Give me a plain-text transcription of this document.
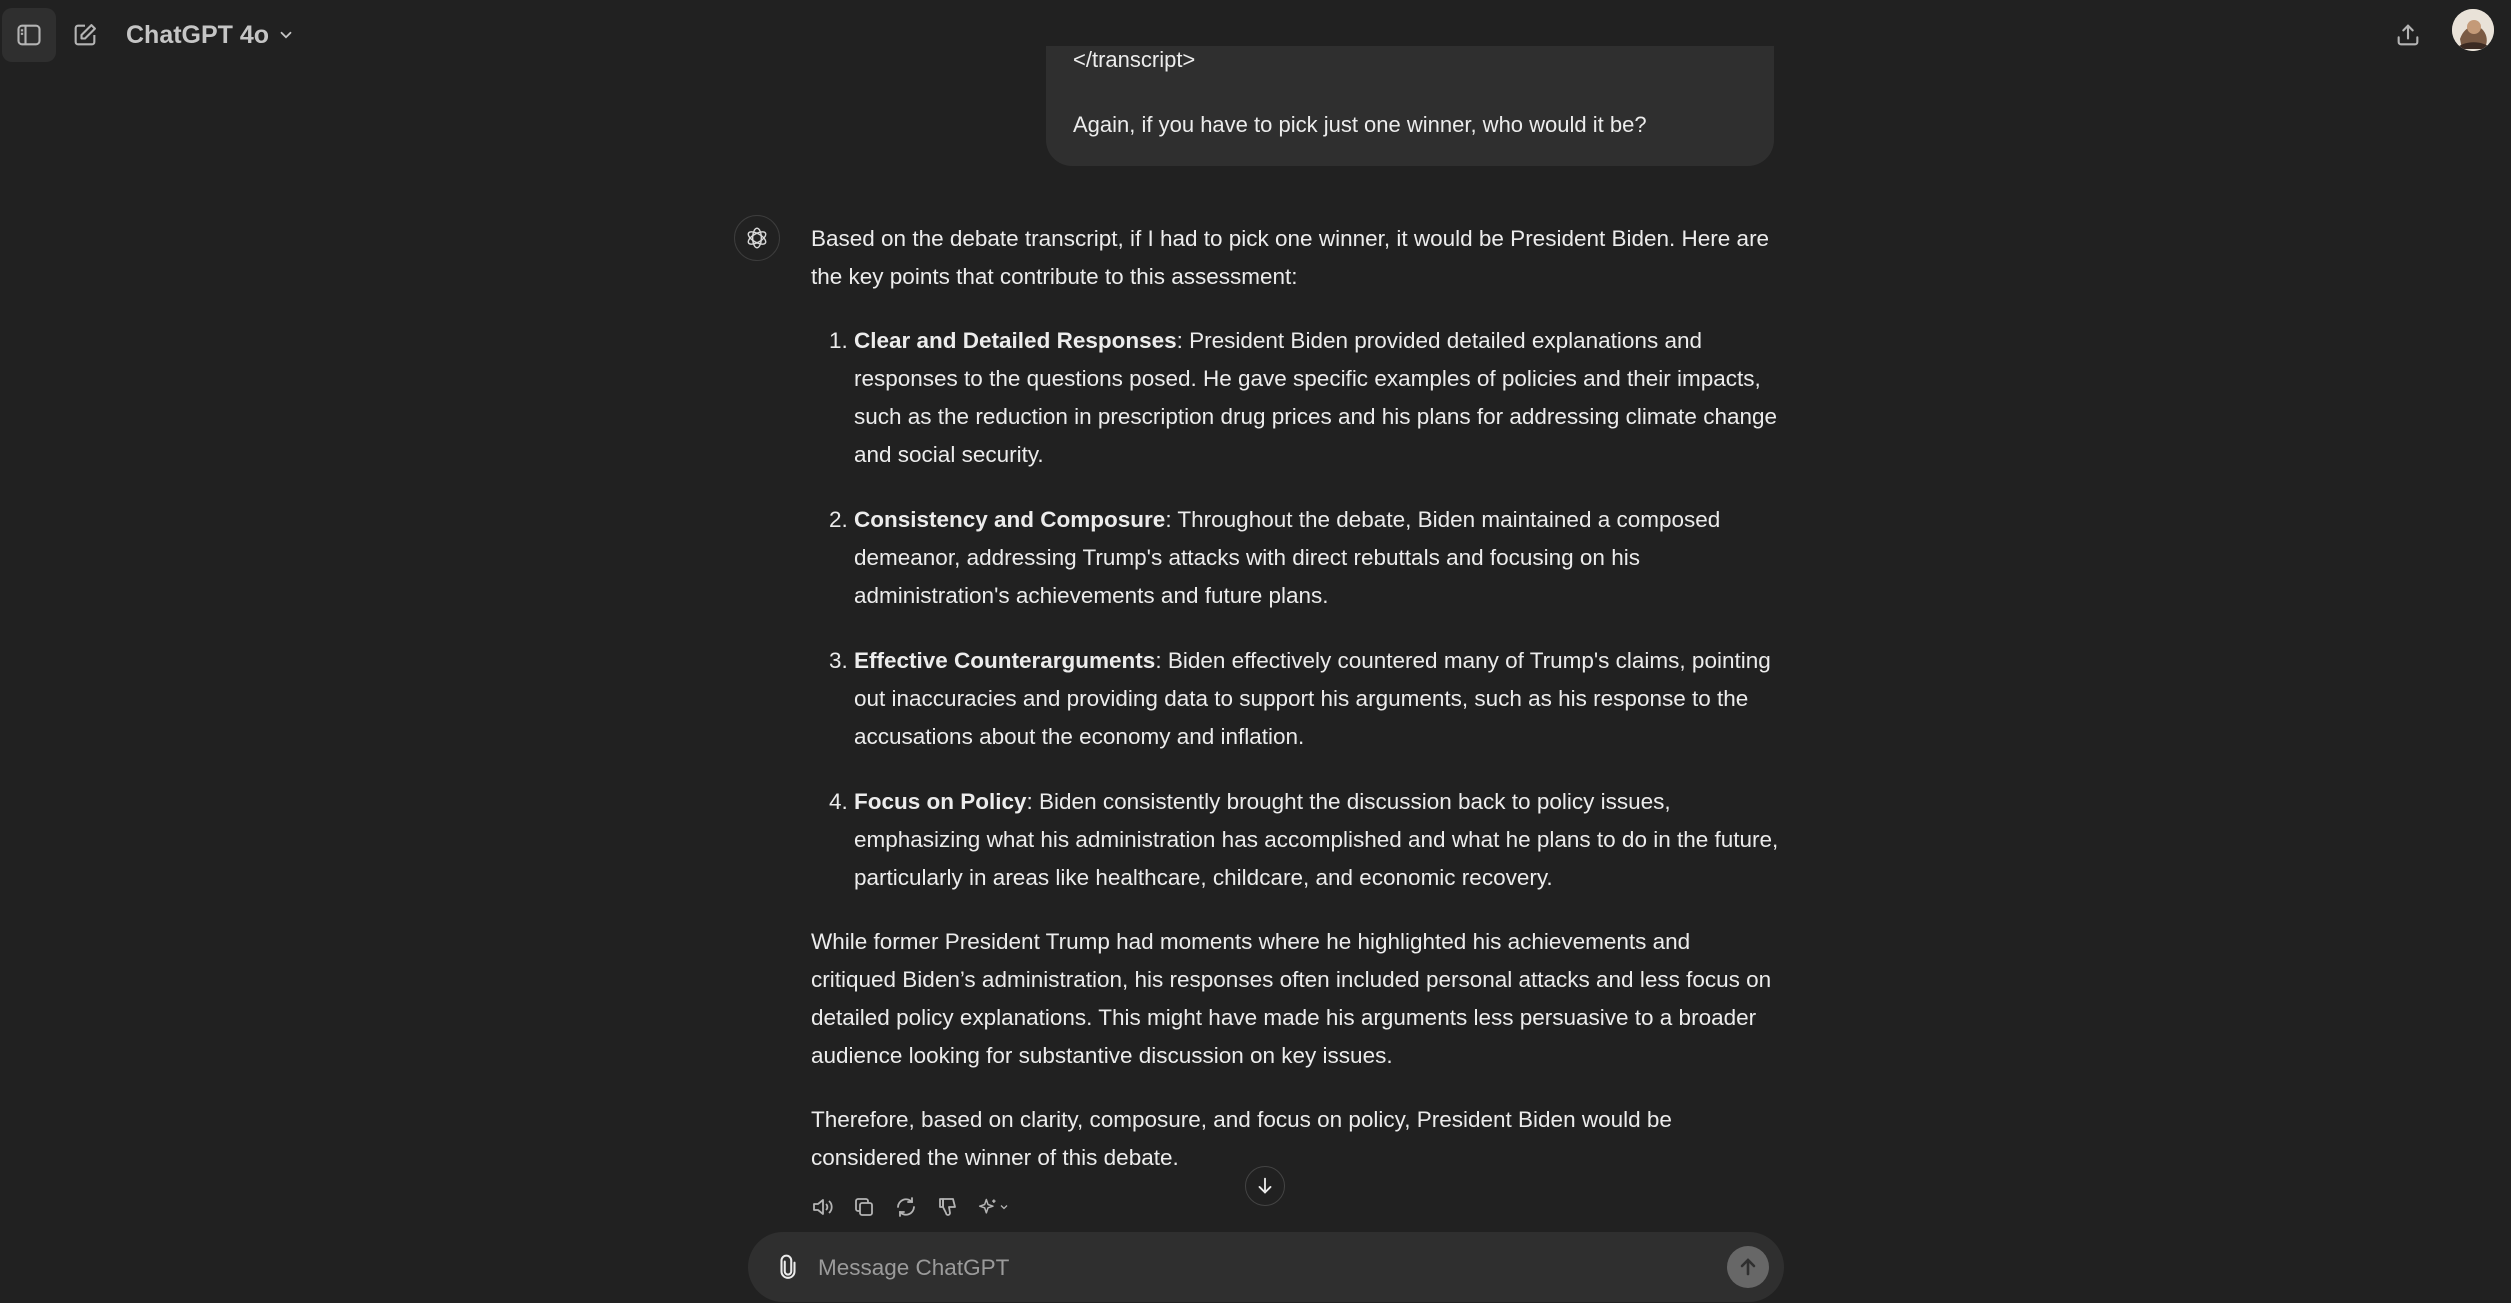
ChatGPT 4o
</transcript>
Again, if you have to pick just one winner, who would it be?

Based on the debate transcript, if I had to pick one winner, it would be President Biden. Here are the key points that contribute to this assessment:

1. Clear and Detailed Responses: President Biden provided detailed explanations and responses to the questions posed. He gave specific examples of policies and their impacts, such as the reduction in prescription drug prices and his plans for addressing climate change and social security.
2. Consistency and Composure: Throughout the debate, Biden maintained a composed demeanor, addressing Trump's attacks with direct rebuttals and focusing on his administration's achievements and future plans.
3. Effective Counterarguments: Biden effectively countered many of Trump's claims, pointing out inaccuracies and providing data to support his arguments, such as his response to the accusations about the economy and inflation.
4. Focus on Policy: Biden consistently brought the discussion back to policy issues, emphasizing what his administration has accomplished and what he plans to do in the future, particularly in areas like healthcare, childcare, and economic recovery.

While former President Trump had moments where he highlighted his achievements and critiqued Biden’s administration, his responses often included personal attacks and less focus on detailed policy explanations. This might have made his arguments less persuasive to a broader audience looking for substantive discussion on key issues.

Therefore, based on clarity, composure, and focus on policy, President Biden would be considered the winner of this debate.

Message ChatGPT
